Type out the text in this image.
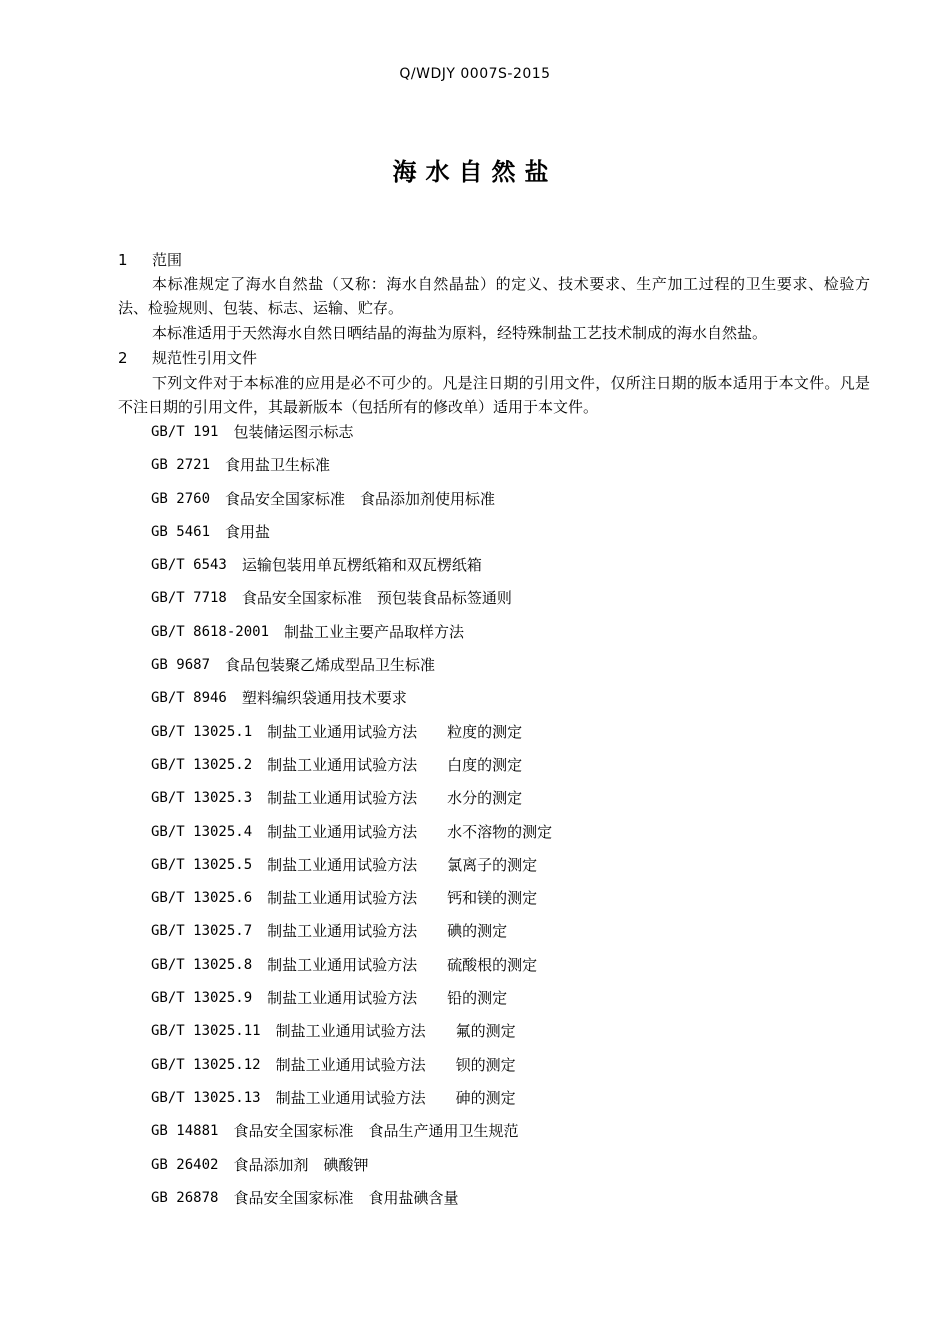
Q/WDJY 0007S-2015
海水自然盐
1 范围
本标准规定了海水自然盐（又称：海水自然晶盐）的定义、技术要求、生产加工过程的卫生要求、检验方法、检验规则、包装、标志、运输、贮存。
本标准适用于天然海水自然日晒结晶的海盐为原料，经特殊制盐工艺技术制成的海水自然盐。
2 规范性引用文件
下列文件对于本标准的应用是必不可少的。凡是注日期的引用文件，仅所注日期的版本适用于本文件。凡是不注日期的引用文件，其最新版本（包括所有的修改单）适用于本文件。
GB/T 191
　 包装储运图示标志
GB 2721
　 食用盐卫生标准
GB 2760
　 食品安全国家标准　食品添加剂使用标准
GB 5461
　 食用盐
GB/T 6543
　 运输包装用单瓦楞纸箱和双瓦楞纸箱
GB/T 7718
　 食品安全国家标准　预包装食品标签通则
GB/T 8618-2001
　 制盐工业主要产品取样方法
GB 9687
　 食品包装聚乙烯成型品卫生标准
GB/T 8946
　 塑料编织袋通用技术要求
GB/T 13025.1
　 制盐工业通用试验方法　　粒度的测定
GB/T 13025.2
　 制盐工业通用试验方法　　白度的测定
GB/T 13025.3
　 制盐工业通用试验方法　　水分的测定
GB/T 13025.4
　 制盐工业通用试验方法　　水不溶物的测定
GB/T 13025.5
　 制盐工业通用试验方法　　氯离子的测定
GB/T 13025.6
　 制盐工业通用试验方法　　钙和镁的测定
GB/T 13025.7
　 制盐工业通用试验方法　　碘的测定
GB/T 13025.8
　 制盐工业通用试验方法　　硫酸根的测定
GB/T 13025.9
　 制盐工业通用试验方法　　铅的测定
GB/T 13025.11
　 制盐工业通用试验方法　　氟的测定
GB/T 13025.12
　 制盐工业通用试验方法　　钡的测定
GB/T 13025.13
　 制盐工业通用试验方法　　砷的测定
GB 14881
　 食品安全国家标准　食品生产通用卫生规范
GB 26402
　 食品添加剂　碘酸钾
GB 26878
　 食品安全国家标准　食用盐碘含量
